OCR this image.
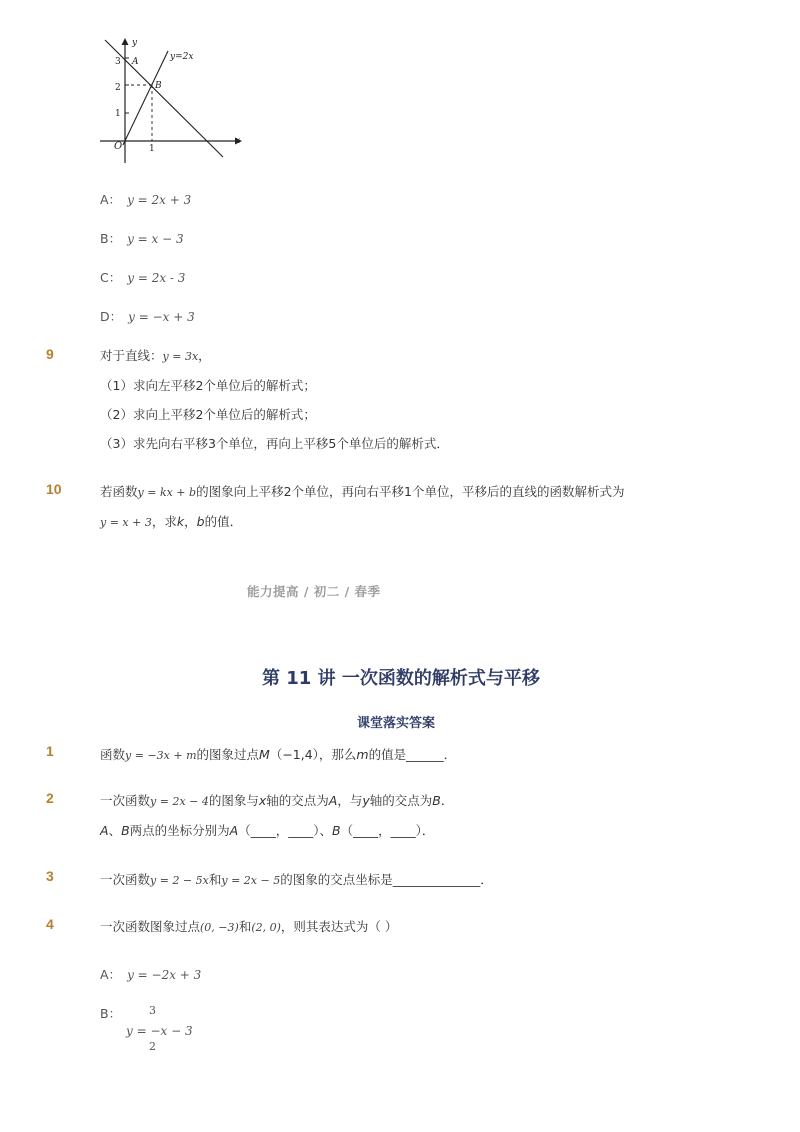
y
x
O
y=2x
A
B
3
2
1
1
A： y = 2x + 3
B： y = x − 3
C： y = 2x - 3
D： y = −x + 3
9	对于直线：y = 3x，
（1）求向左平移2个单位后的解析式；
（2）求向上平移2个单位后的解析式；
（3）求先向右平移3个单位，再向上平移5个单位后的解析式．
10	若函数y = kx + b的图象向上平移2个单位，再向右平移1个单位，平移后的直线的函数解析式为
y = x + 3，求k，b的值．
能力提高 / 初二 / 春季
第 11 讲 一次函数的解析式与平移
课堂落实答案
1	函数y = −3x + m的图象过点M（−1,4），那么m的值是______．
2	一次函数y = 2x − 4的图象与x轴的交点为A，与y轴的交点为B．
A、B两点的坐标分别为A（____，____）、B（____，____）．
3	一次函数y = 2 − 5x和y = 2x − 5的图象的交点坐标是______________．
4	一次函数图象过点(0, −3)和(2, 0)，则其表达式为（ ）
A： y = −2x + 3
B：	3
y = −x − 3
2
